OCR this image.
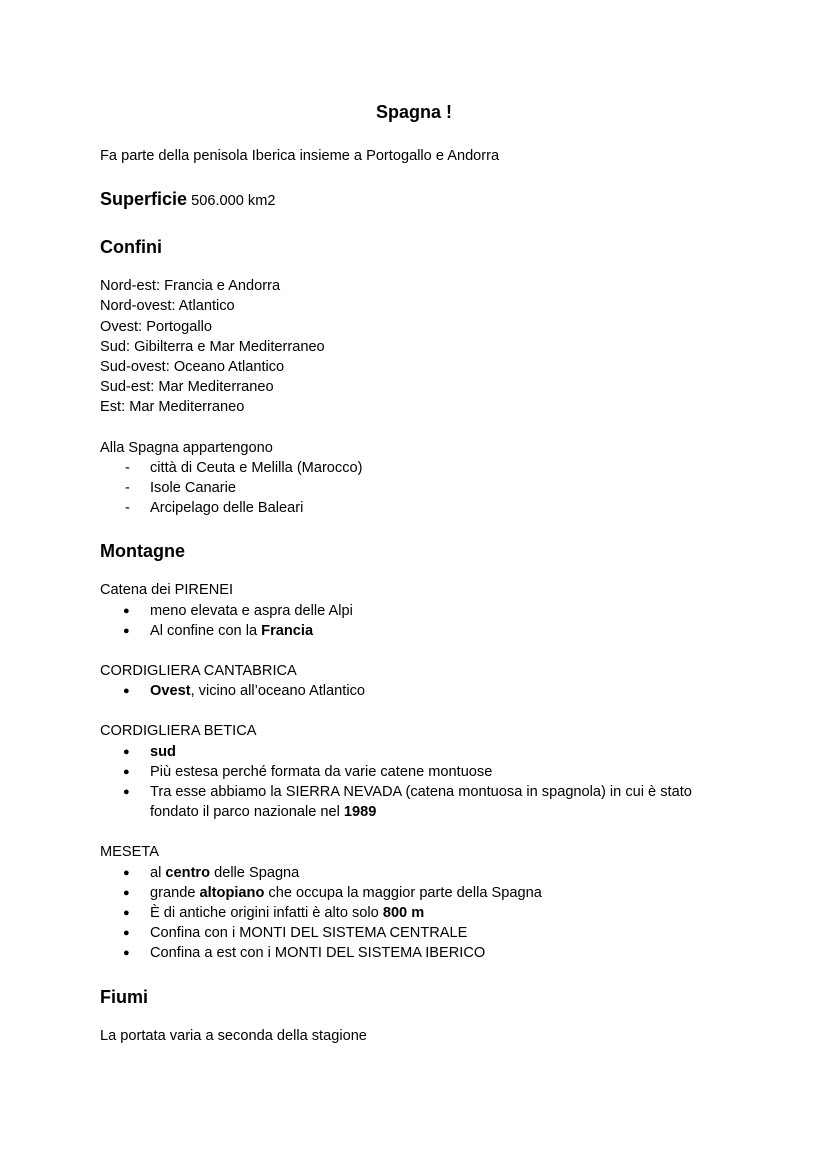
Spagna !

Fa parte della penisola Iberica insieme a Portogallo e Andorra

Superficie 506.000 km2

Confini

Nord-est: Francia e Andorra

Nord-ovest: Atlantico

Ovest: Portogallo

Sud: Gibilterra e Mar Mediterraneo

Sud-ovest: Oceano Atlantico

Sud-est: Mar Mediterraneo

Est: Mar Mediterraneo

Alla Spagna appartengono

- città di Ceuta e Melilla (Marocco)
- Isole Canarie
- Arcipelago delle Baleari
Montagne

Catena dei PIRENEI

● meno elevata e aspra delle Alpi
● Al confine con la Francia

CORDIGLIERA CANTABRICA

● Ovest, vicino all’oceano Atlantico

CORDIGLIERA BETICA

● sud
● Più estesa perché formata da varie catene montuose
● Tra esse abbiamo la SIERRA NEVADA (catena montuosa in spagnola) in cui è stato fondato il parco nazionale nel 1989

MESETA

● al centro delle Spagna
● grande altopiano che occupa la maggior parte della Spagna
● È di antiche origini infatti è alto solo 800 m
● Confina con i MONTI DEL SISTEMA CENTRALE
● Confina a est con i MONTI DEL SISTEMA IBERICO
Fiumi

La portata varia a seconda della stagione
